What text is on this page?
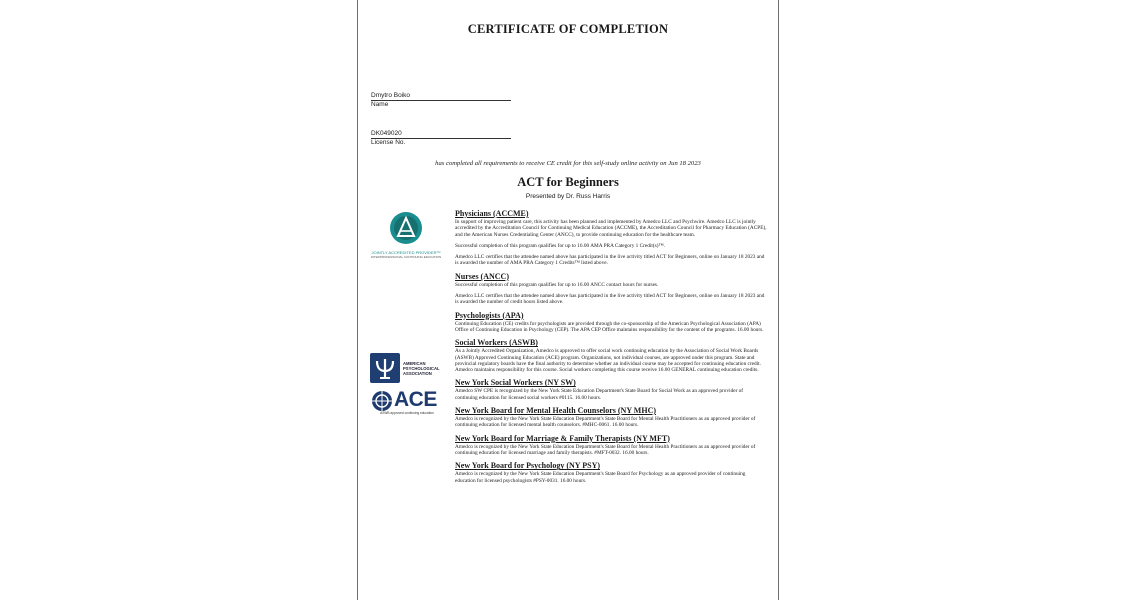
CERTIFICATE OF COMPLETION
Dmytro Boiko
Name
DK049020
License No.
has completed all requirements to receive CE credit for this self-study online activity on Jun 18 2023
ACT for Beginners
Presented by Dr. Russ Harris
JOINTLY ACCREDITED PROVIDER™
INTERPROFESSIONAL CONTINUING EDUCATION
AMERICAN
PSYCHOLOGICAL
ASSOCIATION
ACE
ASWB approved continuing education
Physicians (ACCME)

In support of improving patient care, this activity has been planned and implemented by Amedco LLC and Psychwire. Amedco LLC is jointly accredited by the Accreditation Council for Continuing Medical Education (ACCME), the Accreditation Council for Pharmacy Education (ACPE), and the American Nurses Credentialing Center (ANCC), to provide continuing education for the healthcare team.

Successful completion of this program qualifies for up to 16.00 AMA PRA Category 1 Credit(s)™.

Amedco LLC certifies that the attendee named above has participated in the live activity titled ACT for Beginners, online on January 18 2023 and is awarded the number of AMA PRA Category 1 Credits™ listed above.

Nurses (ANCC)

Successful completion of this program qualifies for up to 16.00 ANCC contact hours for nurses.

Amedco LLC certifies that the attendee named above has participated in the live activity titled ACT for Beginners, online on January 18 2023 and is awarded the number of credit hours listed above.

Psychologists (APA)

Continuing Education (CE) credits for psychologists are provided through the co-sponsorship of the American Psychological Association (APA) Office of Continuing Education in Psychology (CEP). The APA CEP Office maintains responsibility for the content of the programs. 16.00 hours.

Social Workers (ASWB)

As a Jointly Accredited Organization, Amedco is approved to offer social work continuing education by the Association of Social Work Boards (ASWB) Approved Continuing Education (ACE) program. Organizations, not individual courses, are approved under this program. State and provincial regulatory boards have the final authority to determine whether an individual course may be accepted for continuing education credit. Amedco maintains responsibility for this course. Social workers completing this course receive 16.00 GENERAL continuing education credits.

New York Social Workers (NY SW)

Amedco SW CPE is recognized by the New York State Education Department's State Board for Social Work as an approved provider of continuing education for licensed social workers #0115. 16.00 hours.

New York Board for Mental Health Counselors (NY MHC)

Amedco is recognized by the New York State Education Department's State Board for Mental Health Practitioners as an approved provider of continuing education for licensed mental health counselors. #MHC-0061. 16.00 hours.

New York Board for Marriage & Family Therapists (NY MFT)

Amedco is recognized by the New York State Education Department's State Board for Mental Health Practitioners as an approved provider of continuing education for licensed marriage and family therapists. #MFT-0032. 16.00 hours.

New York Board for Psychology (NY PSY)

Amedco is recognized by the New York State Education Department's State Board for Psychology as an approved provider of continuing education for licensed psychologists #PSY-0031. 16.00 hours.
